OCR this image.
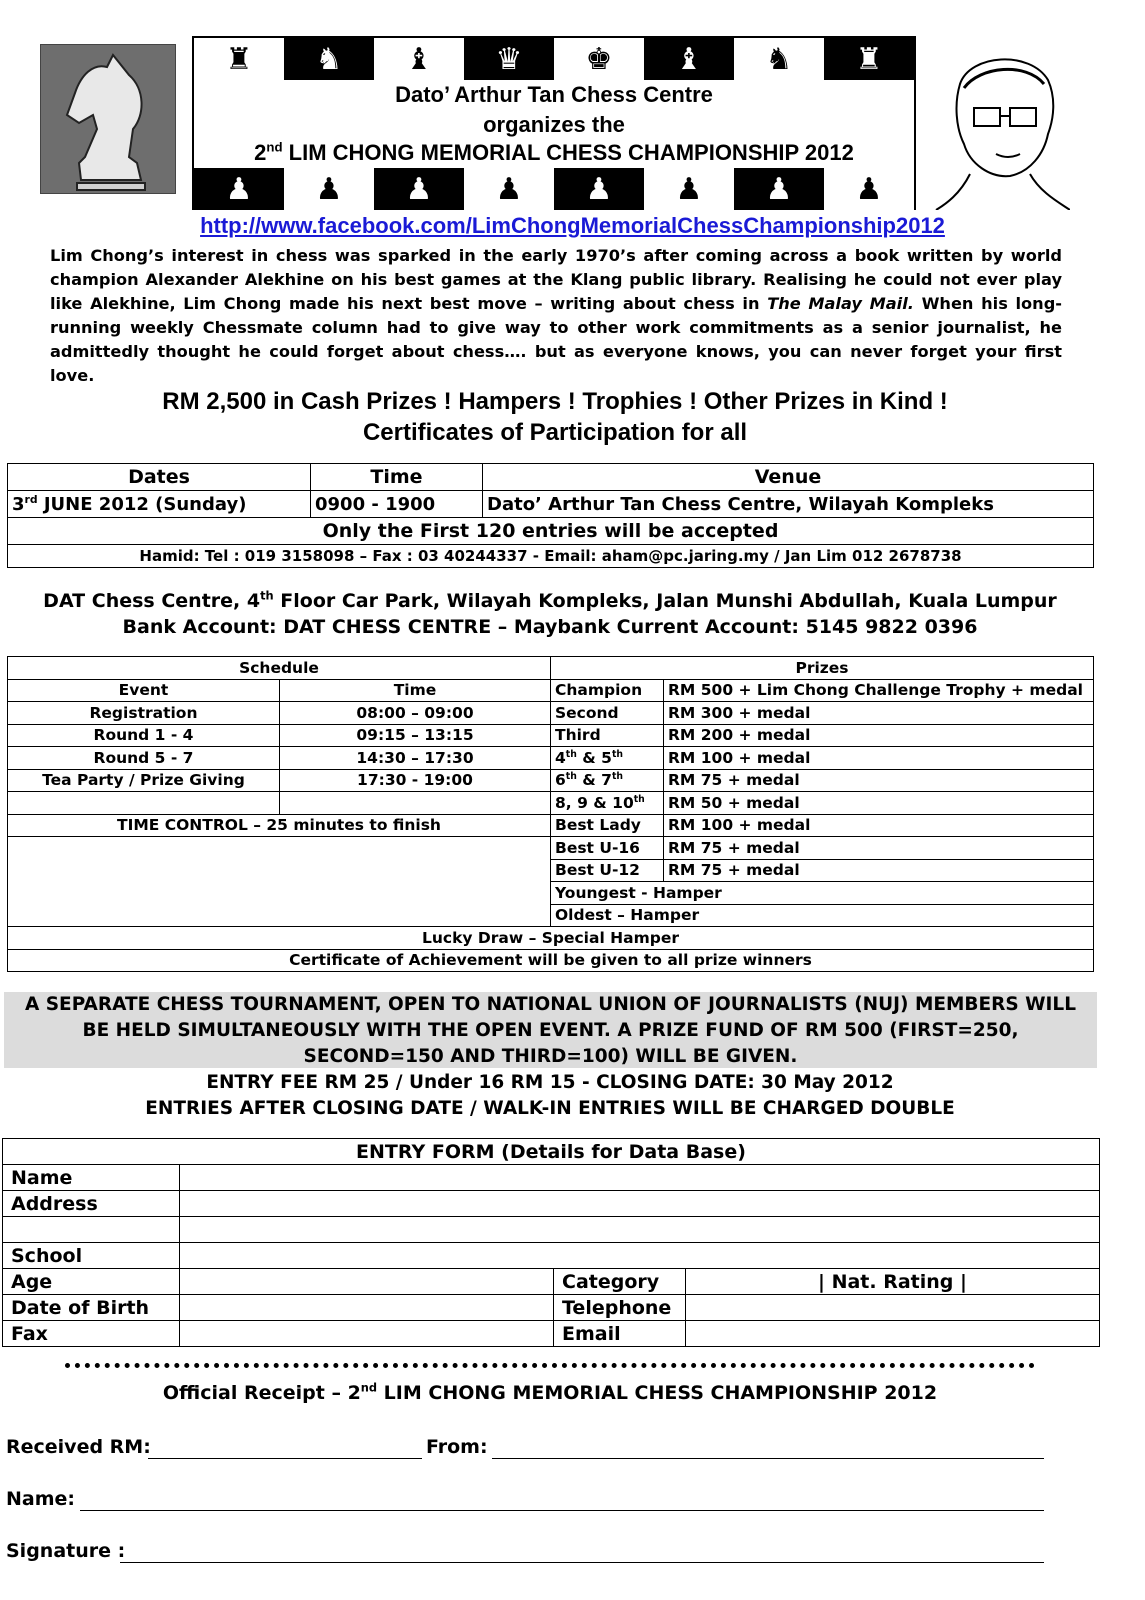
♜	♞	♝	♛	♚	♝	♞	♜
Dato’ Arthur Tan Chess Centre
organizes the
2nd LIM CHONG MEMORIAL CHESS CHAMPIONSHIP 2012
♟	♟	♟	♟	♟	♟	♟	♟
http://www.facebook.com/LimChongMemorialChessChampionship2012
Lim Chong’s interest in chess was sparked in the early 1970’s after coming across a book written by world champion Alexander Alekhine on his best games at the Klang public library. Realising he could not ever play like Alekhine, Lim Chong made his next best move – writing about chess in The Malay Mail. When his long-running weekly Chessmate column had to give way to other work commitments as a senior journalist, he admittedly thought he could forget about chess…. but as everyone knows, you can never forget your first love.
RM 2,500 in Cash Prizes ! Hampers ! Trophies ! Other Prizes in Kind !
Certificates of Participation for all
Dates	Time	Venue
3rd JUNE 2012 (Sunday)	0900 - 1900	Dato’ Arthur Tan Chess Centre, Wilayah Kompleks
Only the First 120 entries will be accepted		
Hamid: Tel : 019 3158098 – Fax : 03 40244337 - Email: aham@pc.jaring.my / Jan Lim 012 2678738		
DAT Chess Centre, 4th Floor Car Park, Wilayah Kompleks, Jalan Munshi Abdullah, Kuala Lumpur
Bank Account: DAT CHESS CENTRE – Maybank Current Account: 5145 9822 0396
Schedule		Prizes	
Event	Time	Champion	RM 500 + Lim Chong Challenge Trophy + medal
Registration	08:00 – 09:00	Second	RM 300 + medal
Round 1 - 4	09:15 – 13:15	Third	RM 200 + medal
Round 5 - 7	14:30 – 17:30	4th & 5th	RM 100 + medal
Tea Party / Prize Giving	17:30 - 19:00	6th & 7th	RM 75 + medal
		8, 9 & 10th	RM 50 + medal
TIME CONTROL – 25 minutes to finish		Best Lady	RM 100 + medal
		Best U-16	RM 75 + medal
		Best U-12	RM 75 + medal
		Youngest - Hamper	
		Oldest – Hamper	
Lucky Draw – Special Hamper			
Certificate of Achievement will be given to all prize winners			
A SEPARATE CHESS TOURNAMENT, OPEN TO NATIONAL UNION OF JOURNALISTS (NUJ) MEMBERS WILL
BE HELD SIMULTANEOUSLY WITH THE OPEN EVENT. A PRIZE FUND OF RM 500 (FIRST=250,
SECOND=150 AND THIRD=100) WILL BE GIVEN.
ENTRY FEE RM 25 / Under 16 RM 15 - CLOSING DATE: 30 May 2012
ENTRIES AFTER CLOSING DATE / WALK-IN ENTRIES WILL BE CHARGED DOUBLE
ENTRY FORM (Details for Data Base)			
Name			
Address			

School			
Age		Category	| Nat. Rating |
Date of Birth		Telephone	
Fax		Email	
Official Receipt – 2nd LIM CHONG MEMORIAL CHESS CHAMPIONSHIP 2012
Received RM:	From:
Name:
Signature :
